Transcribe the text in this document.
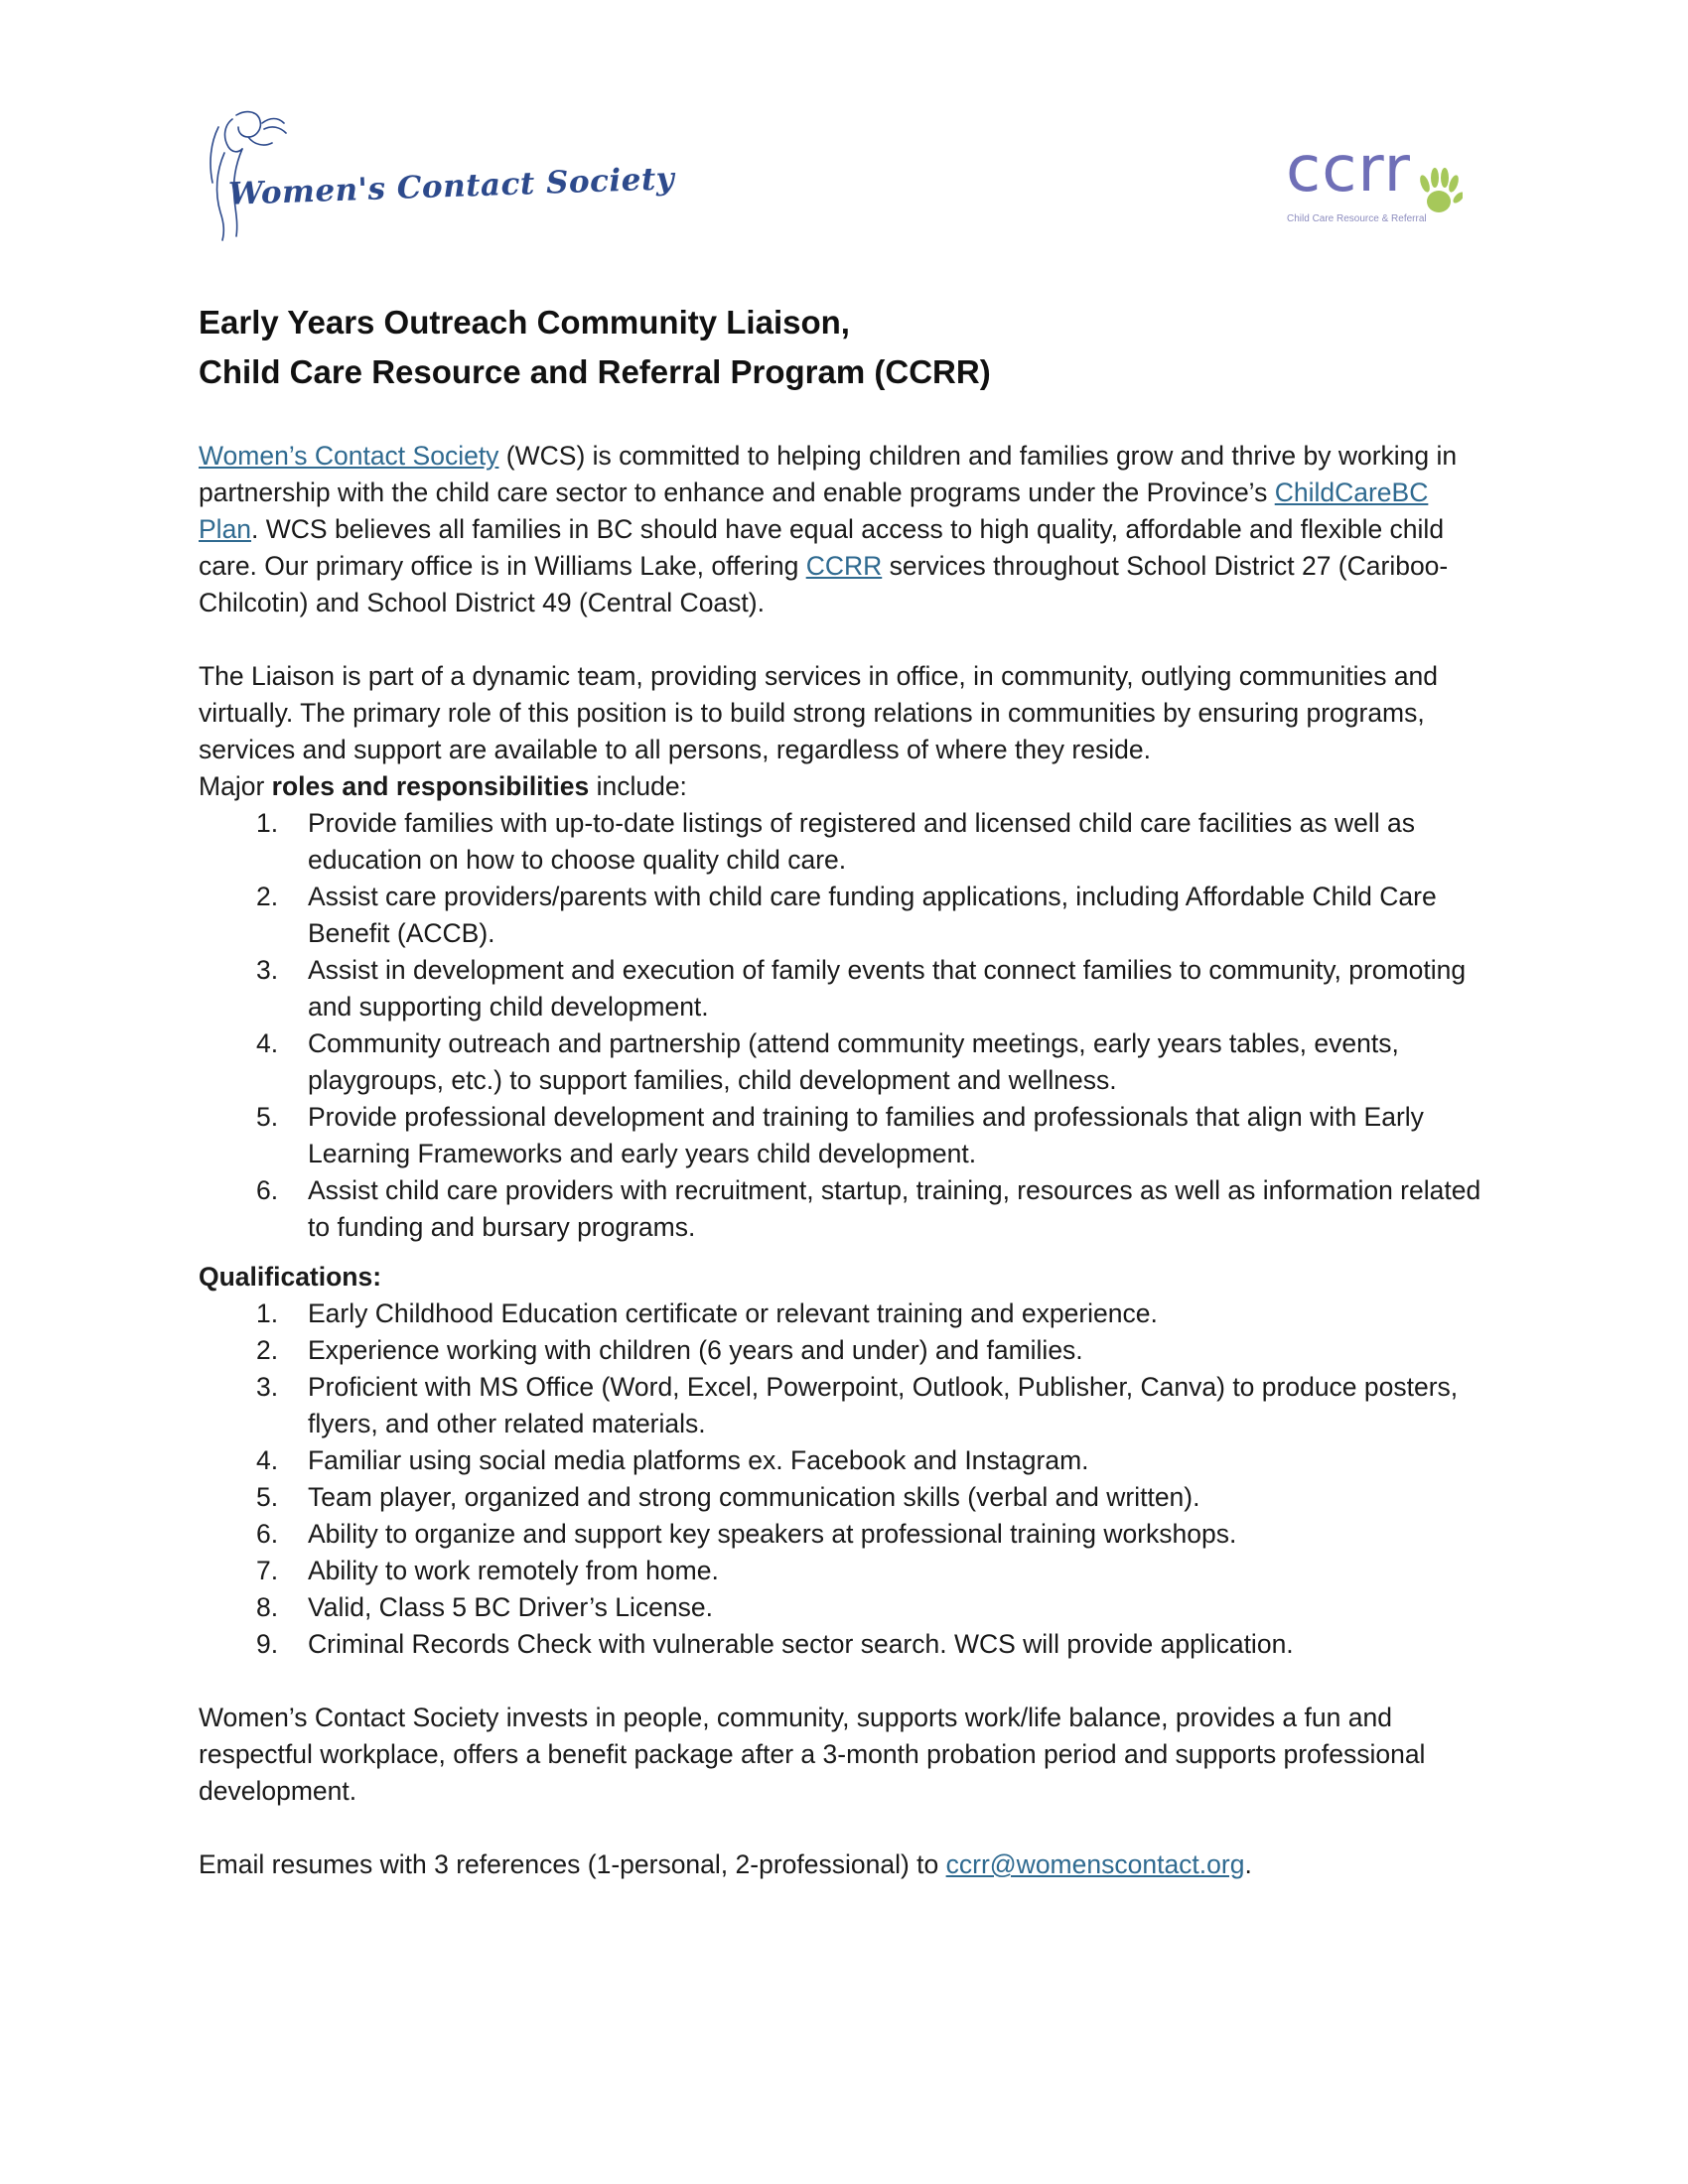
Women's Contact Society	ccrr
Child Care Resource & Referral
Early Years Outreach Community Liaison,
Child Care Resource and Referral Program (CCRR)

Women’s Contact Society (WCS) is committed to helping children and families grow and thrive by working in partnership with the child care sector to enhance and enable programs under the Province’s ChildCareBC Plan. WCS believes all families in BC should have equal access to high quality, affordable and flexible child care. Our primary office is in Williams Lake, offering CCRR services throughout School District 27 (Cariboo-Chilcotin) and School District 49 (Central Coast).

The Liaison is part of a dynamic team, providing services in office, in community, outlying communities and virtually. The primary role of this position is to build strong relations in communities by ensuring programs, services and support are available to all persons, regardless of where they reside.

Major roles and responsibilities include:

1. Provide families with up-to-date listings of registered and licensed child care facilities as well as education on how to choose quality child care.
2. Assist care providers/parents with child care funding applications, including Affordable Child Care Benefit (ACCB).
3. Assist in development and execution of family events that connect families to community, promoting and supporting child development.
4. Community outreach and partnership (attend community meetings, early years tables, events, playgroups, etc.) to support families, child development and wellness.
5. Provide professional development and training to families and professionals that align with Early Learning Frameworks and early years child development.
6. Assist child care providers with recruitment, startup, training, resources as well as information related to funding and bursary programs.
Qualifications:
1. Early Childhood Education certificate or relevant training and experience.
2. Experience working with children (6 years and under) and families.
3. Proficient with MS Office (Word, Excel, Powerpoint, Outlook, Publisher, Canva) to produce posters, flyers, and other related materials.
4. Familiar using social media platforms ex. Facebook and Instagram.
5. Team player, organized and strong communication skills (verbal and written).
6. Ability to organize and support key speakers at professional training workshops.
7. Ability to work remotely from home.
8. Valid, Class 5 BC Driver’s License.
9. Criminal Records Check with vulnerable sector search. WCS will provide application.

Women’s Contact Society invests in people, community, supports work/life balance, provides a fun and respectful workplace, offers a benefit package after a 3-month probation period and supports professional development.

Email resumes with 3 references (1-personal, 2-professional) to ccrr@womenscontact.org.
